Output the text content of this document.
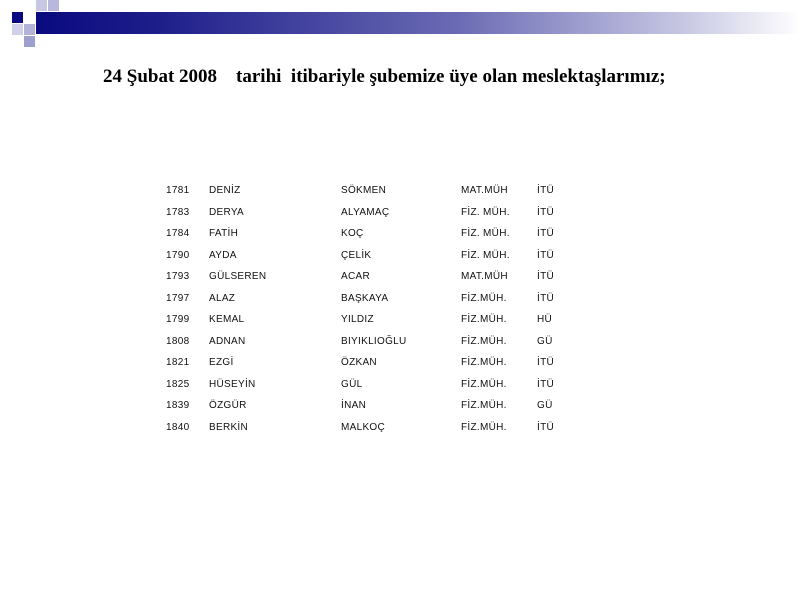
24 Şubat 2008    tarihi  itibariyle şubemize üye olan meslektaşlarımız;
1781	DENİZ	SÖKMEN	MAT.MÜH	İTÜ
1783	DERYA	ALYAMAÇ	FİZ. MÜH.	İTÜ
1784	FATİH	KOÇ	FİZ. MÜH.	İTÜ
1790	AYDA	ÇELİK	FİZ. MÜH.	İTÜ
1793	GÜLSEREN	ACAR	MAT.MÜH	İTÜ
1797	ALAZ	BAŞKAYA	FİZ.MÜH.	İTÜ
1799	KEMAL	YILDIZ	FİZ.MÜH.	HÜ
1808	ADNAN	BIYIKLIOĞLU	FİZ.MÜH.	GÜ
1821	EZGİ	ÖZKAN	FİZ.MÜH.	İTÜ
1825	HÜSEYİN	GÜL	FİZ.MÜH.	İTÜ
1839	ÖZGÜR	İNAN	FİZ.MÜH.	GÜ
1840	BERKİN	MALKOÇ	FİZ.MÜH.	İTÜ
